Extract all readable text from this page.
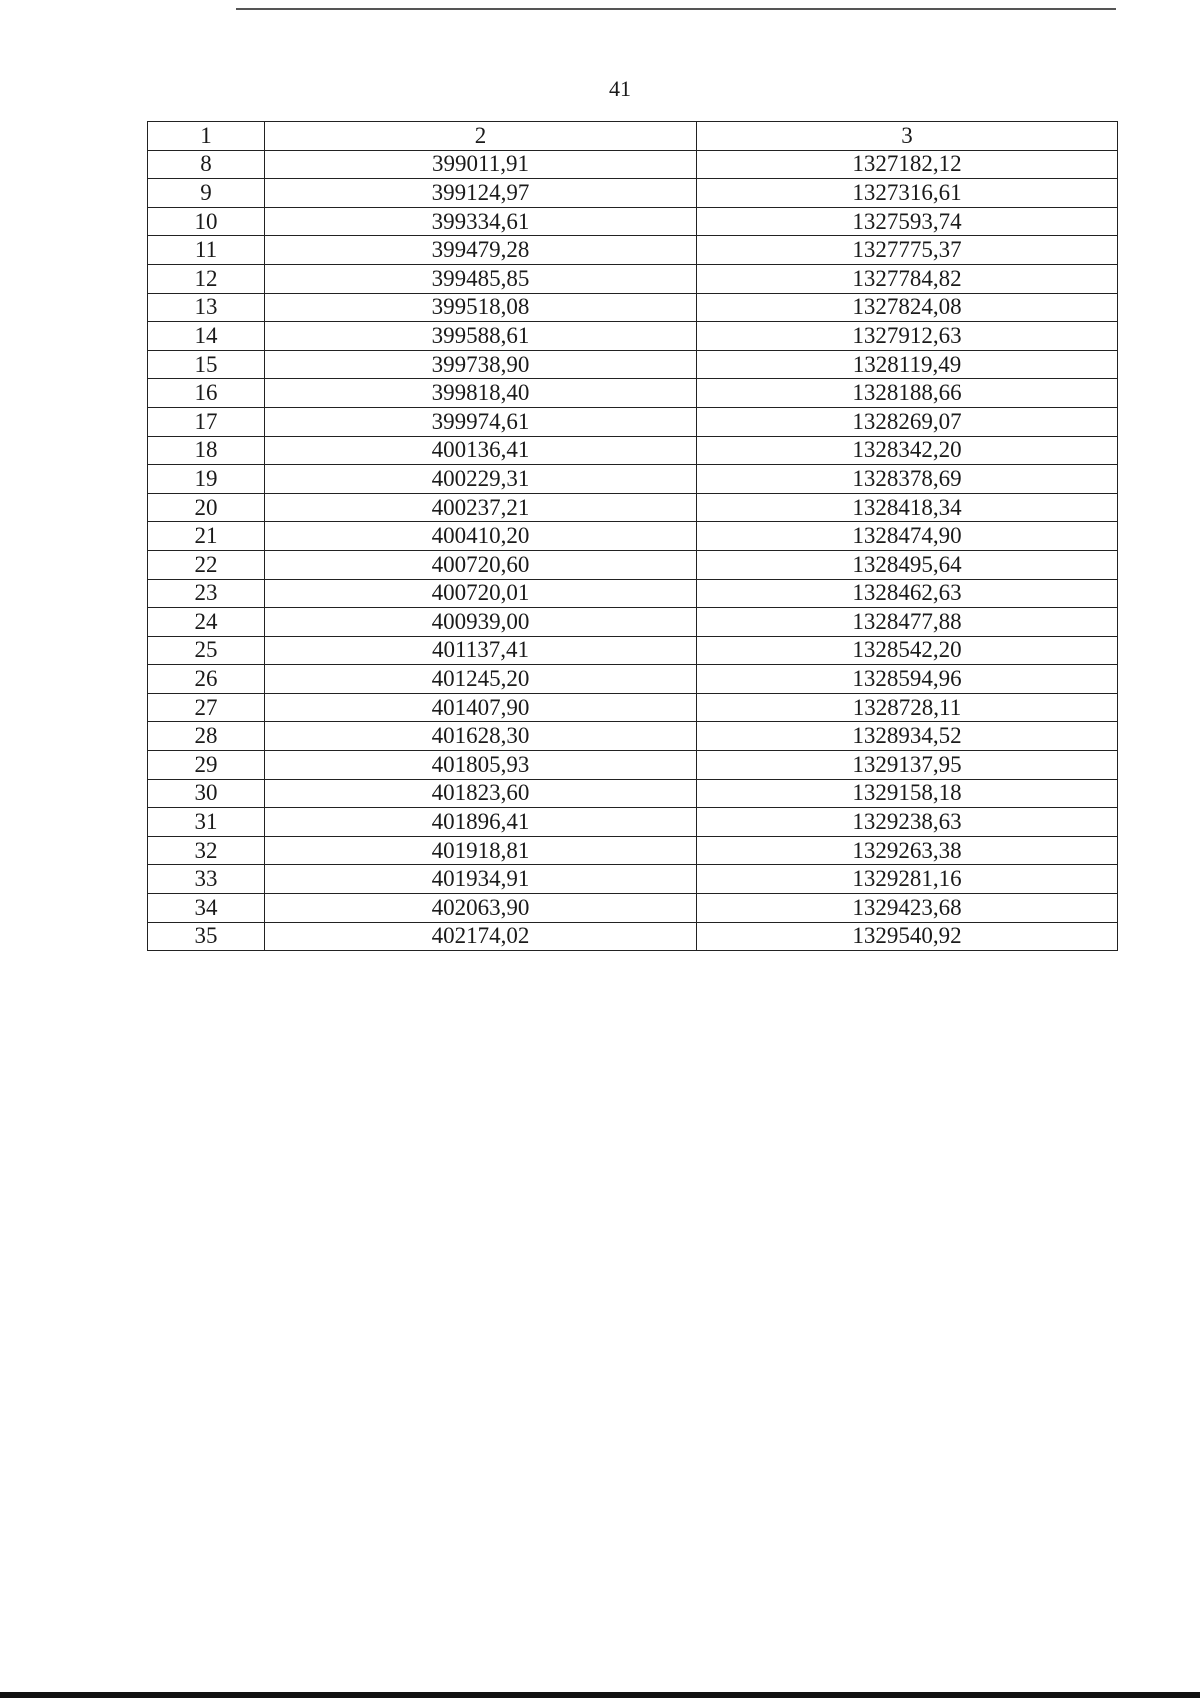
41
1	2	3
8	399011,91	1327182,12
9	399124,97	1327316,61
10	399334,61	1327593,74
11	399479,28	1327775,37
12	399485,85	1327784,82
13	399518,08	1327824,08
14	399588,61	1327912,63
15	399738,90	1328119,49
16	399818,40	1328188,66
17	399974,61	1328269,07
18	400136,41	1328342,20
19	400229,31	1328378,69
20	400237,21	1328418,34
21	400410,20	1328474,90
22	400720,60	1328495,64
23	400720,01	1328462,63
24	400939,00	1328477,88
25	401137,41	1328542,20
26	401245,20	1328594,96
27	401407,90	1328728,11
28	401628,30	1328934,52
29	401805,93	1329137,95
30	401823,60	1329158,18
31	401896,41	1329238,63
32	401918,81	1329263,38
33	401934,91	1329281,16
34	402063,90	1329423,68
35	402174,02	1329540,92
